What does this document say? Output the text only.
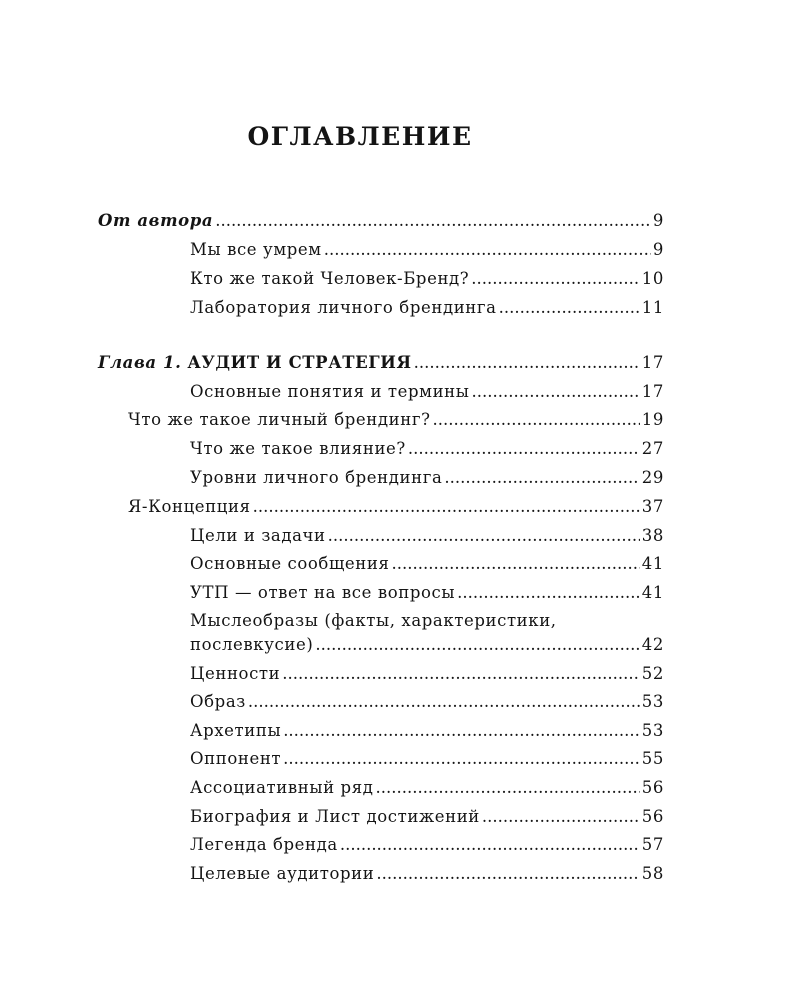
ОГЛАВЛЕНИЕ
От автора .....	9
Мы все умрем .....	9
Кто же такой Человек-Бренд? .....	10
Лаборатория личного брендинга .....	11
Глава 1. АУДИТ И СТРАТЕГИЯ .....	17
Основные понятия и термины .....	17
Что же такое личный брендинг? .....	19
Что же такое влияние? .....	27
Уровни личного брендинга .....	29
Я-Концепция .....	37
Цели и задачи .....	38
Основные сообщения .....	41
УТП — ответ на все вопросы .....	41
Мыслеобразы (факты, характеристики,
послевкусие) .....	42
Ценности .....	52
Образ .....	53
Архетипы .....	53
Оппонент .....	55
Ассоциативный ряд .....	56
Биография и Лист достижений .....	56
Легенда бренда .....	57
Целевые аудитории .....	58
